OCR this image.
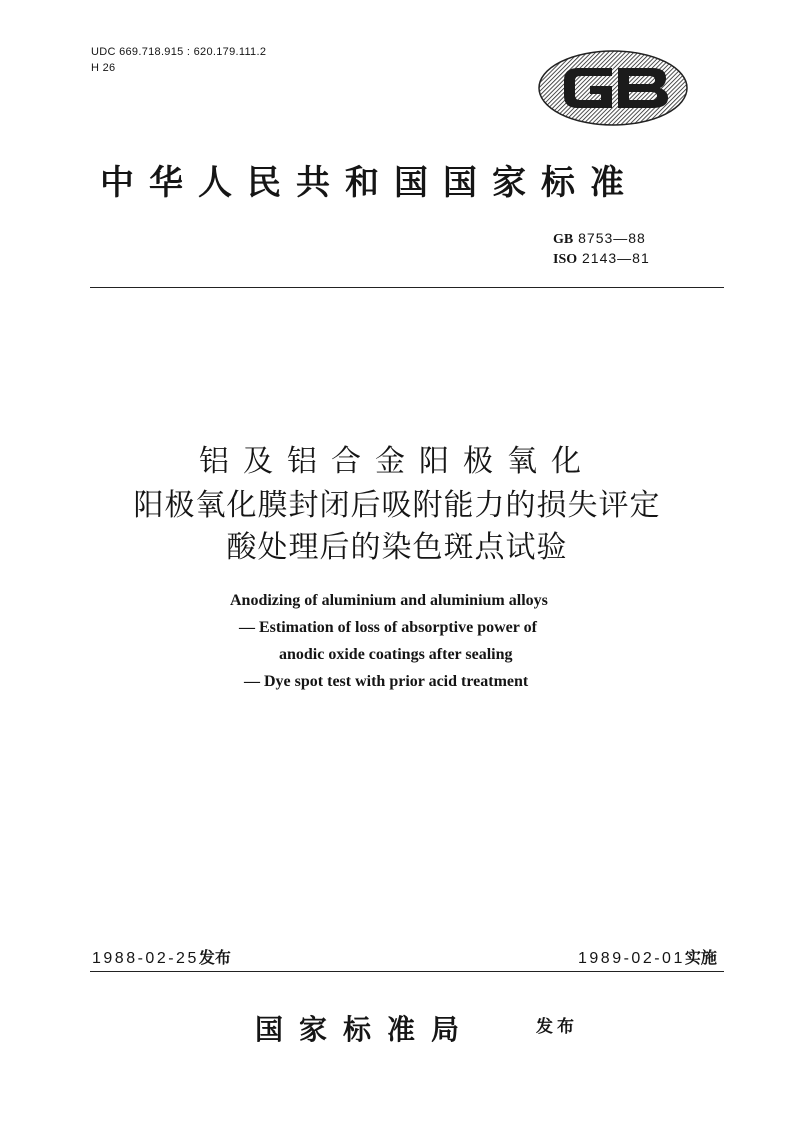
UDC 669.718.915 : 620.179.111.2
H 26
中华人民共和国国家标准
GB 8753—88
ISO 2143—81
铝及铝合金阳极氧化
阳极氧化膜封闭后吸附能力的损失评定
酸处理后的染色斑点试验
Anodizing of aluminium and aluminium alloys
— Estimation of loss of absorptive power of
anodic oxide coatings after sealing
— Dye spot test with prior acid treatment
1988-02-25发布	1989-02-01实施
国家标准局	发布
